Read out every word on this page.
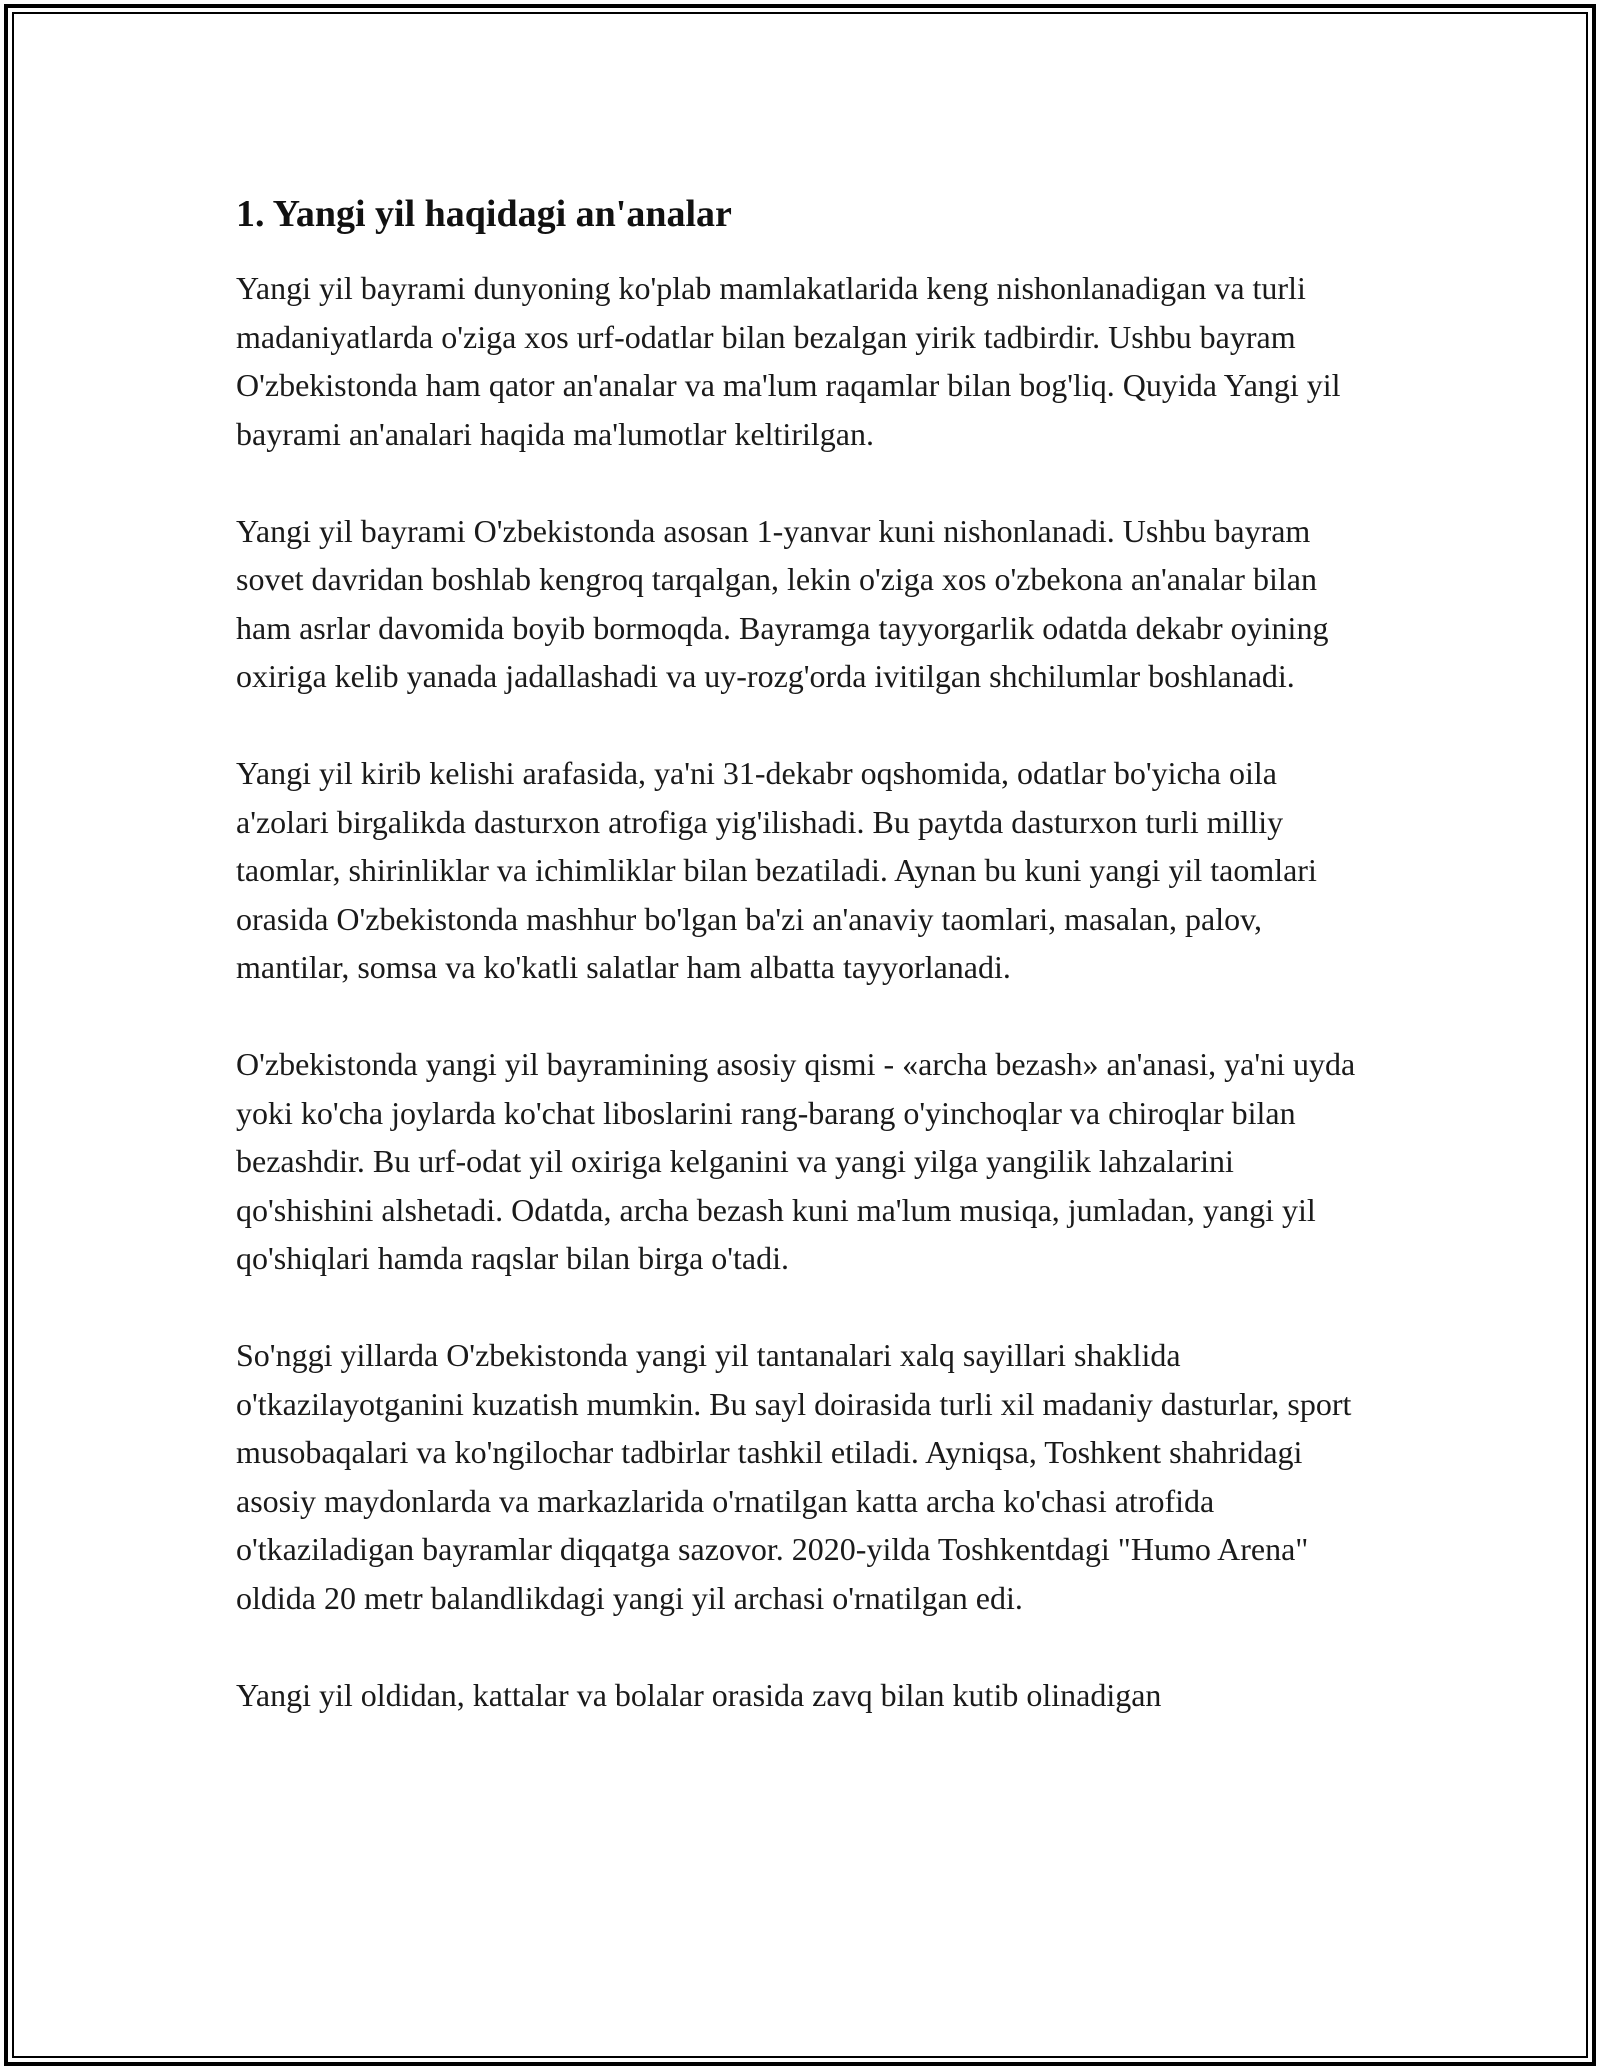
1. Yangi yil haqidagi an'analar

Yangi yil bayrami dunyoning ko'plab mamlakatlarida keng nishonlanadigan va turli madaniyatlarda o'ziga xos urf-odatlar bilan bezalgan yirik tadbirdir. Ushbu bayram O'zbekistonda ham qator an'analar va ma'lum raqamlar bilan bog'liq. Quyida Yangi yil bayrami an'analari haqida ma'lumotlar keltirilgan.

Yangi yil bayrami O'zbekistonda asosan 1-yanvar kuni nishonlanadi. Ushbu bayram sovet davridan boshlab kengroq tarqalgan, lekin o'ziga xos o'zbekona an'analar bilan ham asrlar davomida boyib bormoqda. Bayramga tayyorgarlik odatda dekabr oyining oxiriga kelib yanada jadallashadi va uy-rozg'orda ivitilgan shchilumlar boshlanadi.

Yangi yil kirib kelishi arafasida, ya'ni 31-dekabr oqshomida, odatlar bo'yicha oila a'zolari birgalikda dasturxon atrofiga yig'ilishadi. Bu paytda dasturxon turli milliy taomlar, shirinliklar va ichimliklar bilan bezatiladi. Aynan bu kuni yangi yil taomlari orasida O'zbekistonda mashhur bo'lgan ba'zi an'anaviy taomlari, masalan, palov, mantilar, somsa va ko'katli salatlar ham albatta tayyorlanadi.

O'zbekistonda yangi yil bayramining asosiy qismi - «archa bezash» an'anasi, ya'ni uyda yoki ko'cha joylarda ko'chat liboslarini rang-barang o'yinchoqlar va chiroqlar bilan bezashdir. Bu urf-odat yil oxiriga kelganini va yangi yilga yangilik lahzalarini qo'shishini alshetadi. Odatda, archa bezash kuni ma'lum musiqa, jumladan, yangi yil qo'shiqlari hamda raqslar bilan birga o'tadi.

So'nggi yillarda O'zbekistonda yangi yil tantanalari xalq sayillari shaklida o'tkazilayotganini kuzatish mumkin. Bu sayl doirasida turli xil madaniy dasturlar, sport musobaqalari va ko'ngilochar tadbirlar tashkil etiladi. Ayniqsa, Toshkent shahridagi asosiy maydonlarda va markazlarida o'rnatilgan katta archa ko'chasi atrofida o'tkaziladigan bayramlar diqqatga sazovor. 2020-yilda Toshkentdagi "Humo Arena" oldida 20 metr balandlikdagi yangi yil archasi o'rnatilgan edi.

Yangi yil oldidan, kattalar va bolalar orasida zavq bilan kutib olinadigan
